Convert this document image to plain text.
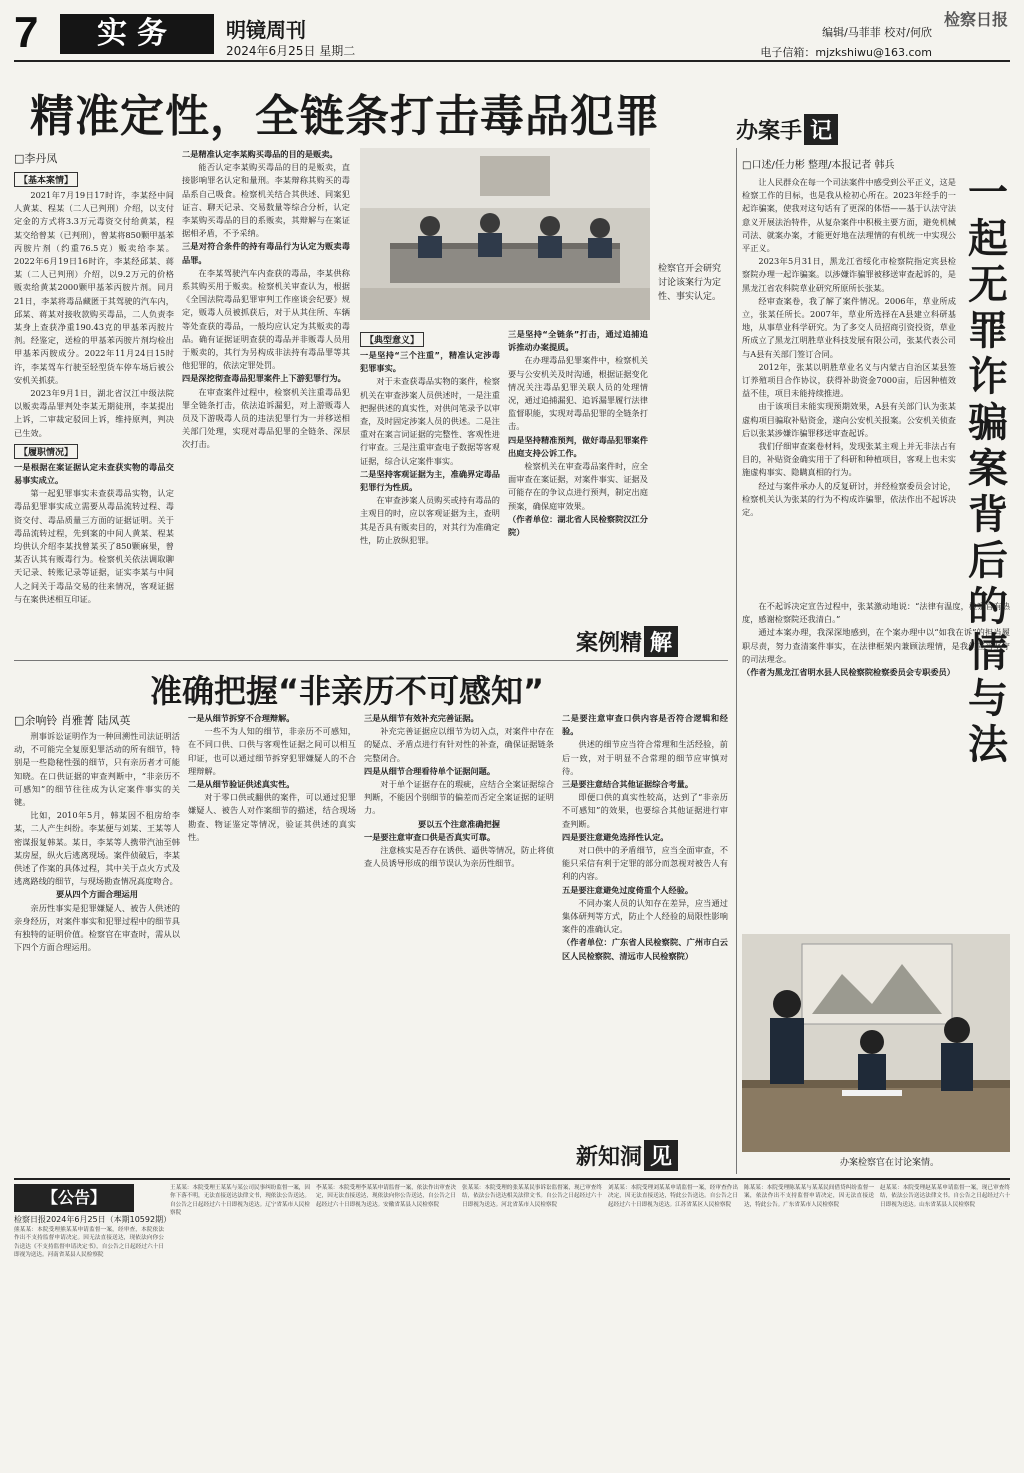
7	实务	明镜周刊
2024年6月25日 星期二
编辑/马菲菲 校对/何欣
电子信箱：mjzkshiwu@163.com
检察日报
精准定性，全链条打击毒品犯罪
□李丹凤
【基本案情】

2021年7月19日17时许，李某经中间人黄某、程某（二人已判刑）介绍，以支付定金的方式将3.3万元毒资交付给黄某，程某交给曾某（已判刑），曾某将850颗甲基苯丙胺片剂（约重76.5克）贩卖给李某。2022年6月19日16时许，李某经邱某、蒋某（二人已判刑）介绍，以9.2万元的价格贩卖给黄某2000颗甲基苯丙胺片剂。同月21日，李某将毒品藏匿于其驾驶的汽车内，邱某、蒋某对接收款购买毒品，二人负责李某身上查获净重190.43克的甲基苯丙胺片剂。经鉴定，送检的甲基苯丙胺片剂均检出甲基苯丙胺成分。2022年11月24日15时许，李某驾车行驶至轻型货车停车场后被公安机关抓获。

2023年9月1日，湖北省汉江中级法院以贩卖毒品罪判处李某无期徒刑，李某提出上诉，二审裁定驳回上诉，维持原判，判决已生效。

【履职情况】

一是根据在案证据认定未查获实物的毒品交易事实成立。

第一起犯罪事实未查获毒品实物，认定毒品犯罪事实成立需要从毒品流转过程、毒资交付、毒品质量三方面的证据证明。关于毒品流转过程，先到案的中间人黄某、程某均供认介绍李某找曾某买了850颗麻果，曾某否认其有贩毒行为。检察机关依法调取聊天记录、转账记录等证据，证实李某与中间人之间关于毒品交易的往来情况，客观证据与在案供述相互印证。

二是精准认定李某购买毒品的目的是贩卖。

能否认定李某购买毒品的目的是贩卖，直接影响罪名认定和量刑。李某辩称其购买的毒品系自己吸食。检察机关结合其供述、同案犯证言、聊天记录、交易数量等综合分析，认定李某购买毒品的目的系贩卖，其辩解与在案证据相矛盾，不予采纳。

三是对符合条件的持有毒品行为认定为贩卖毒品罪。

在李某驾驶汽车内查获的毒品，李某供称系其购买用于贩卖。检察机关审查认为，根据《全国法院毒品犯罪审判工作座谈会纪要》规定，贩毒人员被抓获后，对于从其住所、车辆等处查获的毒品，一般均应认定为其贩卖的毒品。确有证据证明查获的毒品并非贩毒人员用于贩卖的，其行为另构成非法持有毒品罪等其他犯罪的，依法定罪处罚。

四是深挖彻查毒品犯罪案件上下游犯罪行为。

在审查案件过程中，检察机关注重毒品犯罪全链条打击，依法追诉漏犯，对上游贩毒人员及下游吸毒人员的违法犯罪行为一并移送相关部门处理，实现对毒品犯罪的全链条、深层次打击。

检察官开会研究讨论该案行为定性、事实认定。
办案手 记
【典型意义】

一是坚持“三个注重”，精准认定涉毒犯罪事实。

对于未查获毒品实物的案件，检察机关在审查涉案人员供述时，一是注重把握供述的真实性，对供问笔录予以审查，及时固定涉案人员的供述。二是注重对在案言词证据的完整性、客观性进行审查。三是注重审查电子数据等客观证据，综合认定案件事实。

二是坚持客观证据为主，准确界定毒品犯罪行为性质。

在审查涉案人员购买或持有毒品的主观目的时，应以客观证据为主，查明其是否具有贩卖目的，对其行为准确定性，防止放纵犯罪。

三是坚持“全链条”打击，通过追捕追诉推动办案提质。

在办理毒品犯罪案件中，检察机关要与公安机关及时沟通，根据证据变化情况关注毒品犯罪关联人员的处理情况，通过追捕漏犯、追诉漏罪履行法律监督职能，实现对毒品犯罪的全链条打击。

四是坚持精准预判，做好毒品犯罪案件出庭支持公诉工作。

检察机关在审查毒品案件时，应全面审查在案证据，对案件事实、证据及可能存在的争议点进行预判，制定出庭预案，确保庭审效果。

（作者单位：湖北省人民检察院汉江分院）

案例精 解
准确把握“非亲历不可感知”
□余响铃 肖雅菁 陆凤英

刑事诉讼证明作为一种回溯性司法证明活动，不可能完全复原犯罪活动的所有细节，特别是一些隐秘性强的细节，只有亲历者才可能知晓。在口供证据的审查判断中，“非亲历不可感知”的细节往往成为认定案件事实的关键。

比如，2010年5月，韩某因不租房给李某，二人产生纠纷。李某便与刘某、王某等人密谋报复韩某。某日，李某等人携带汽油至韩某房屋，纵火后逃离现场。案件侦破后，李某供述了作案的具体过程，其中关于点火方式及逃离路线的细节，与现场勘查情况高度吻合。

要从四个方面合理运用

亲历性事实是犯罪嫌疑人、被告人供述的亲身经历，对案件事实和犯罪过程中的细节具有独特的证明价值。检察官在审查时，需从以下四个方面合理运用。

一是从细节拆穿不合理辩解。

一些不为人知的细节，非亲历不可感知，在不同口供、口供与客观性证据之间可以相互印证，也可以通过细节拆穿犯罪嫌疑人的不合理辩解。

二是从细节验证供述真实性。

对于零口供或翻供的案件，可以通过犯罪嫌疑人、被告人对作案细节的描述，结合现场勘查、物证鉴定等情况，验证其供述的真实性。

三是从细节有效补充完善证据。

补充完善证据应以细节为切入点，对案件中存在的疑点、矛盾点进行有针对性的补查，确保证据链条完整闭合。

四是从细节合理看待单个证据问题。

对于单个证据存在的瑕疵，应结合全案证据综合判断，不能因个别细节的偏差而否定全案证据的证明力。

要以五个注意准确把握

一是要注意审查口供是否真实可靠。

注意核实是否存在诱供、逼供等情况，防止将侦查人员诱导形成的细节误认为亲历性细节。

二是要注意审查口供内容是否符合逻辑和经验。

供述的细节应当符合常理和生活经验，前后一致，对于明显不合常理的细节应审慎对待。

三是要注意结合其他证据综合考量。

即便口供的真实性较高，达到了“非亲历不可感知”的效果，也要综合其他证据进行审查判断。

四是要注意避免选择性认定。

对口供中的矛盾细节，应当全面审查，不能只采信有利于定罪的部分而忽视对被告人有利的内容。

五是要注意避免过度倚重个人经验。

不同办案人员的认知存在差异，应当通过集体研判等方式，防止个人经验的局限性影响案件的准确认定。

（作者单位：广东省人民检察院、广州市白云区人民检察院、清远市人民检察院）

新知洞 见
一起无罪诈骗案背后的情与法
□口述/任力彬 整理/本报记者 韩兵

让人民群众在每一个司法案件中感受到公平正义，这是检察工作的目标，也是我从检初心所在。2023年经手的一起诈骗案，使我对这句话有了更深的体悟——基于认法守法意义开展法治特件，从复杂案件中积极主要方面，避免机械司法、就案办案，才能更好地在法理情的有机统一中实现公平正义。

2023年5月31日，黑龙江省绥化市检察院指定宾县检察院办理一起诈骗案。以涉嫌诈骗罪被移送审查起诉的，是黑龙江省农科院草业研究所原所长张某。

经审查案卷，我了解了案件情况。2006年，草业所成立，张某任所长。2007年，草业所选择在A县建立科研基地，从事草业科学研究。为了多交人员招商引资投资，草业所成立了黑龙江明胜草业科技发展有限公司，张某代表公司与A县有关部门签订合同。

2012年，张某以明胜草业名义与内蒙古自治区某县签订养殖项目合作协议，获得补助资金7000亩，后因种植效益不佳，项目未能持续推进。

由于该项目未能实现预期效果，A县有关部门认为张某虚构项目骗取补贴资金，遂向公安机关报案。公安机关侦查后以张某涉嫌诈骗罪移送审查起诉。

我们仔细审查案卷材料，发现张某主观上并无非法占有目的，补贴资金确实用于了科研和种植项目，客观上也未实施虚构事实、隐瞒真相的行为。

经过与案件承办人的反复研讨，并经检察委员会讨论，检察机关认为张某的行为不构成诈骗罪，依法作出不起诉决定。

在不起诉决定宣告过程中，张某激动地说：“法律有温度，检察官有热度，感谢检察院还我清白。”

通过本案办理，我深深地感到，在个案办理中以“如我在诉”的担当履职尽责，努力查清案件事实，在法律框架内兼顾法理情，是我们应当坚守的司法理念。

（作者为黑龙江省明水县人民检察院检察委员会专职委员）

办案检察官在讨论案情。
【公告】
检察日报2024年6月25日（本期10592期）
熊某某：本院受理熊某某申请监督一案，经审查，本院依法作出不支持监督申请决定。因无法直接送达，现依法向你公告送达《不支持监督申请决定书》，自公告之日起经过六十日即视为送达。河南省某县人民检察院
王某某：本院受理王某某与某公司民事纠纷监督一案，因你下落不明，无法直接送达法律文书，现依法公告送达。自公告之日起经过六十日即视为送达。辽宁省某市人民检察院
李某某：本院受理李某某申请监督一案，依法作出审查决定，因无法直接送达，现依法向你公告送达，自公告之日起经过六十日即视为送达。安徽省某县人民检察院
张某某：本院受理的张某某民事诉讼监督案，现已审查终结，依法公告送达相关法律文书。自公告之日起经过六十日即视为送达。河北省某市人民检察院
刘某某：本院受理刘某某申请监督一案，经审查作出决定，因无法直接送达，特此公告送达。自公告之日起经过六十日即视为送达。江苏省某区人民检察院
陈某某：本院受理陈某某与某某民间借贷纠纷监督一案，依法作出不支持监督申请决定，因无法直接送达，特此公告。广东省某市人民检察院
赵某某：本院受理赵某某申请监督一案，现已审查终结，依法公告送达法律文书。自公告之日起经过六十日即视为送达。山东省某县人民检察院
